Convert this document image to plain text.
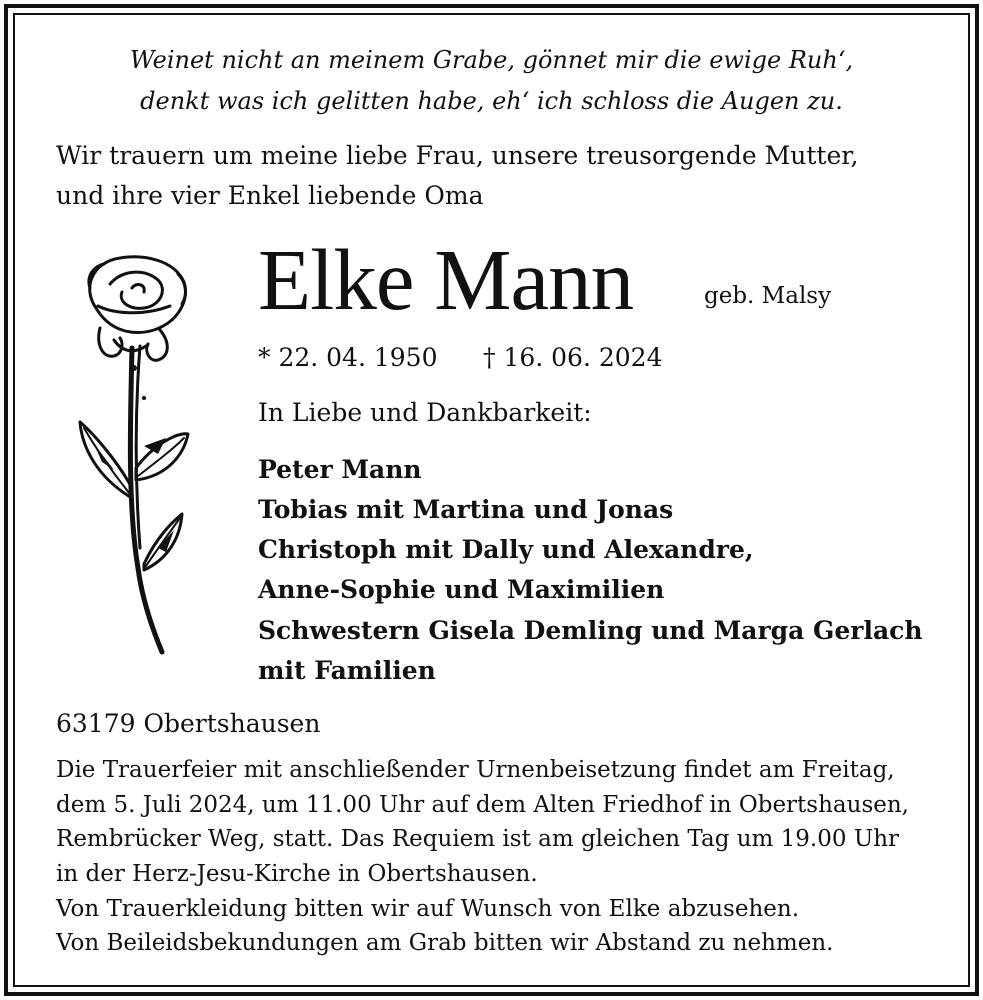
Weinet nicht an meinem Grabe, gönnet mir die ewige Ruh‘,
denkt was ich gelitten habe, eh‘ ich schloss die Augen zu.
Wir trauern um meine liebe Frau, unsere treusorgende Mutter,
und ihre vier Enkel liebende Oma
Elke Mann	geb. Malsy
* 22. 04. 1950 † 16. 06. 2024
In Liebe und Dankbarkeit:
Peter Mann
Tobias mit Martina und Jonas
Christoph mit Dally und Alexandre,
Anne-Sophie und Maximilien
Schwestern Gisela Demling und Marga Gerlach
mit Familien
63179 Obertshausen
Die Trauerfeier mit anschließender Urnenbeisetzung findet am Freitag,
dem 5. Juli 2024, um 11.00 Uhr auf dem Alten Friedhof in Obertshausen,
Rembrücker Weg, statt. Das Requiem ist am gleichen Tag um 19.00 Uhr
in der Herz-Jesu-Kirche in Obertshausen.
Von Trauerkleidung bitten wir auf Wunsch von Elke abzusehen.
Von Beileidsbekundungen am Grab bitten wir Abstand zu nehmen.
